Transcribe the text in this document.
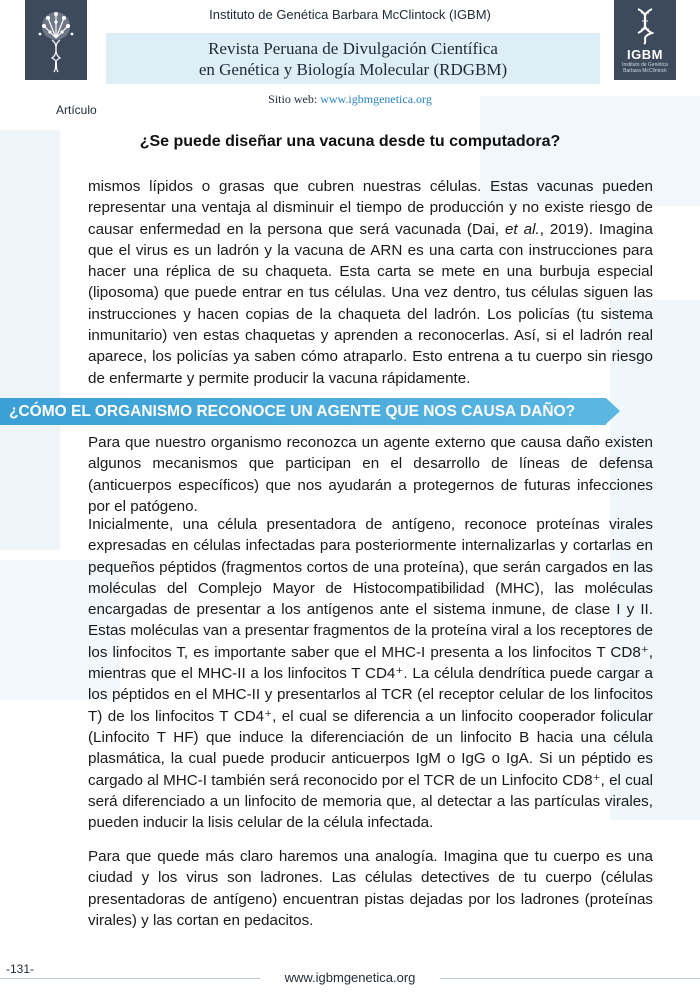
IGBM
Instituto de Genética
Barbara McClintock
Instituto de Genética Barbara McClintock (IGBM)
Revista Peruana de Divulgación Científica
en Genética y Biología Molecular (RDGBM)
Sitio web: www.igbmgenetica.org
Artículo
¿Se puede diseñar una vacuna desde tu computadora?
mismos lípidos o grasas que cubren nuestras células. Estas vacunas pueden representar una ventaja al disminuir el tiempo de producción y no existe riesgo de causar enfermedad en la persona que será vacunada (Dai, et al., 2019). Imagina que el virus es un ladrón y la vacuna de ARN es una carta con instrucciones para hacer una réplica de su chaqueta. Esta carta se mete en una burbuja especial (liposoma) que puede entrar en tus células. Una vez dentro, tus células siguen las instrucciones y hacen copias de la chaqueta del ladrón. Los policías (tu sistema inmunitario) ven estas chaquetas y aprenden a reconocerlas. Así, si el ladrón real aparece, los policías ya saben cómo atraparlo. Esto entrena a tu cuerpo sin riesgo de enfermarte y permite producir la vacuna rápidamente.
¿CÓMO EL ORGANISMO RECONOCE UN AGENTE QUE NOS CAUSA DAÑO?
Para que nuestro organismo reconozca un agente externo que causa daño existen algunos mecanismos que participan en el desarrollo de líneas de defensa (anticuerpos específicos) que nos ayudarán a protegernos de futuras infecciones por el patógeno.
Inicialmente, una célula presentadora de antígeno, reconoce proteínas virales expresadas en células infectadas para posteriormente internalizarlas y cortarlas en pequeños péptidos (fragmentos cortos de una proteína), que serán cargados en las moléculas del Complejo Mayor de Histocompatibilidad (MHC), las moléculas encargadas de presentar a los antígenos ante el sistema inmune, de clase I y II. Estas moléculas van a presentar fragmentos de la proteína viral a los receptores de los linfocitos T, es importante saber que el MHC-I presenta a los linfocitos T CD8⁺, mientras que el MHC-II a los linfocitos T CD4⁺. La célula dendrítica puede cargar a los péptidos en el MHC-II y presentarlos al TCR (el receptor celular de los linfocitos T) de los linfocitos T CD4⁺, el cual se diferencia a un linfocito cooperador folicular (Linfocito T HF) que induce la diferenciación de un linfocito B hacia una célula plasmática, la cual puede producir anticuerpos IgM o IgG o IgA. Si un péptido es cargado al MHC-I también será reconocido por el TCR de un Linfocito CD8⁺, el cual será diferenciado a un linfocito de memoria que, al detectar a las partículas virales, pueden inducir la lisis celular de la célula infectada.
Para que quede más claro haremos una analogía. Imagina que tu cuerpo es una ciudad y los virus son ladrones. Las células detectives de tu cuerpo (células presentadoras de antígeno) encuentran pistas dejadas por los ladrones (proteínas virales) y las cortan en pedacitos.
-131-
www.igbmgenetica.org
